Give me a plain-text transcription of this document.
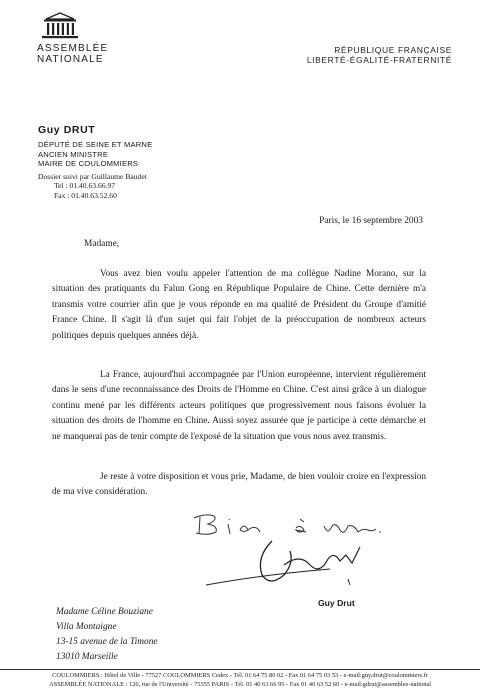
ASSEMBLÉE
NATIONALE
RÉPUBLIQUE FRANÇAISE
LIBERTÉ-ÉGALITÉ-FRATERNITÉ
Guy DRUT
DÉPUTÉ DE SEINE ET MARNE
ANCIEN MINISTRE
MAIRE DE COULOMMIERS
Dossier suivi par Guillaume Baudet
Tel : 01.40.63.66.97
Fax : 01.40.63.52.60
Paris, le 16 septembre 2003
Madame,

Vous avez bien voulu appeler l'attention de ma collègue Nadine Morano, sur la situation des pratiquants du Falun Gong en République Populaire de Chine. Cette dernière m'a transmis votre courrier afin que je vous réponde en ma qualité de Président du Groupe d'amitié France Chine. Il s'agit là d'un sujet qui fait l'objet de la préoccupation de nombreux acteurs politiques depuis quelques années déjà.

La France, aujourd'hui accompagnée par l'Union européenne, intervient régulièrement dans le sens d'une reconnaissance des Droits de l'Homme en Chine. C'est ainsi grâce à un dialogue continu mené par les différents acteurs politiques que progressivement nous faisons évoluer la situation des droits de l'homme en Chine. Aussi soyez assurée que je participe à cette démarche et ne manquerai pas de tenir compte de l'exposé de la situation que vous nous avez transmis.

Je reste à votre disposition et vous prie, Madame, de bien vouloir croire en l'expression de ma vive considération.

Guy Drut
Madame Céline Bouziane
Villa Montaigne
13-15 avenue de la Timone
13010 Marseille
COULOMMIERS : Hôtel de Ville - 77527 COULOMMIERS Cedex - Tél. 01 64 75 80 02 - Fax 01 64 75 03 53 - e-mail:guy.drut@coulommiers.fr
ASSEMBLÉE NATIONALE : 126, rue de l'Université - 75355 PARIS - Tél. 01 40 63 66 95 - Fax 01 40 63 52 60 - e-mail:gdrut@assemblee-national
